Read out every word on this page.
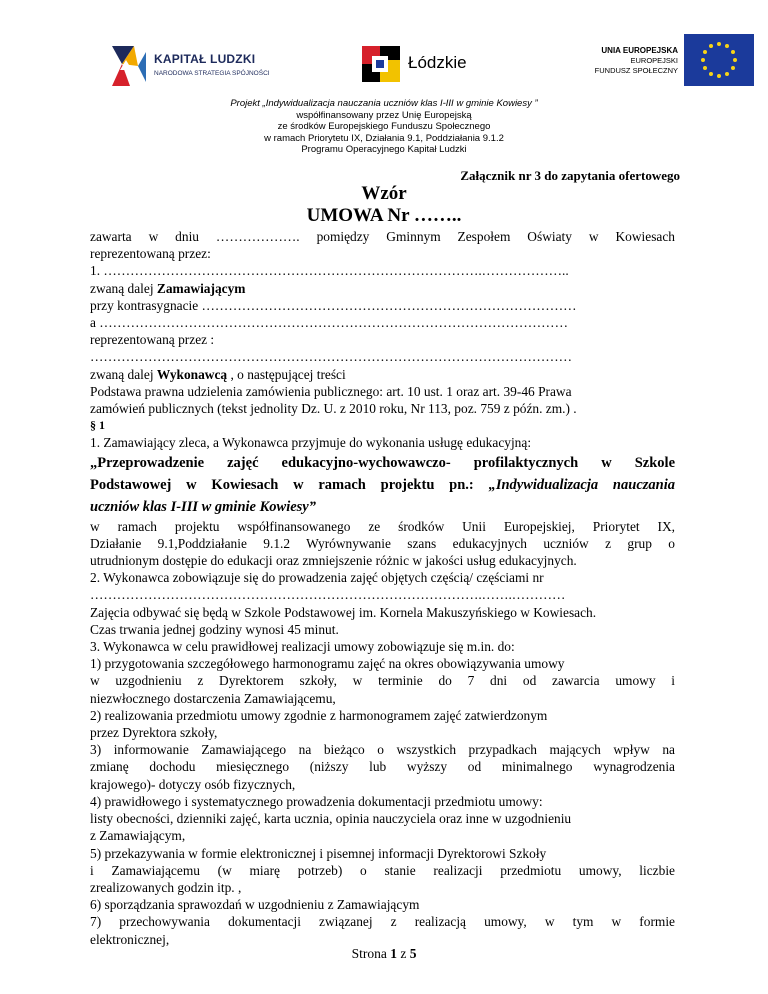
KAPITAŁ LUDZKI
NARODOWA STRATEGIA SPÓJNOŚCI
Łódzkie
UNIA EUROPEJSKA
EUROPEJSKI
FUNDUSZ SPOŁECZNY
Projekt „Indywidualizacja nauczania uczniów klas I-III w gminie Kowiesy ”
współfinansowany przez Unię Europejską
ze środków Europejskiego Funduszu Społecznego
w ramach Priorytetu IX, Działania 9.1, Poddziałania 9.1.2
Programu Operacyjnego Kapitał Ludzki
Załącznik nr 3 do zapytania ofertowego
Wzór
UMOWA Nr ……..
zawarta w dniu ………………. pomiędzy Gminnym Zespołem Oświaty w Kowiesach
reprezentowaną przez:
1. ………………………………………………………………………….………………..
zwaną dalej Zamawiającym
przy kontrasygnacie …………………………………………………………………………
a ……………………………………………………………………………………………
reprezentowaną przez :
………………………………………………………………………………………………
zwaną dalej Wykonawcą , o następującej treści
Podstawa prawna udzielenia zamówienia publicznego: art. 10 ust. 1 oraz art. 39-46 Prawa
zamówień publicznych (tekst jednolity Dz. U. z 2010 roku, Nr 113, poz. 759 z późn. zm.) .
§ 1
1. Zamawiający zleca, a Wykonawca przyjmuje do wykonania usługę edukacyjną:
„Przeprowadzenie zajęć edukacyjno-wychowawczo- profilaktycznych w Szkole
Podstawowej w Kowiesach w ramach projektu pn.: „Indywidualizacja nauczania
uczniów klas I-III w gminie Kowiesy”
w ramach projektu współfinansowanego ze środków Unii Europejskiej, Priorytet IX,
Działanie 9.1,Poddziałanie 9.1.2 Wyrównywanie szans edukacyjnych uczniów z grup o
utrudnionym dostępie do edukacji oraz zmniejszenie różnic w jakości usług edukacyjnych.
2. Wykonawca zobowiązuje się do prowadzenia zajęć objętych częścią/ częściami nr
…………………………………………………………………………….…….…………
Zajęcia odbywać się będą w Szkole Podstawowej im. Kornela Makuszyńskiego w Kowiesach.
Czas trwania jednej godziny wynosi 45 minut.
3. Wykonawca w celu prawidłowej realizacji umowy zobowiązuje się m.in. do:
1) przygotowania szczegółowego harmonogramu zajęć na okres obowiązywania umowy
w uzgodnieniu z Dyrektorem szkoły, w terminie do 7 dni od zawarcia umowy i
niezwłocznego dostarczenia Zamawiającemu,
2) realizowania przedmiotu umowy zgodnie z harmonogramem zajęć zatwierdzonym
przez Dyrektora szkoły,
3) informowanie Zamawiającego na bieżąco o wszystkich przypadkach mających wpływ na
zmianę dochodu miesięcznego (niższy lub wyższy od minimalnego wynagrodzenia
krajowego)- dotyczy osób fizycznych,
4) prawidłowego i systematycznego prowadzenia dokumentacji przedmiotu umowy:
listy obecności, dzienniki zajęć, karta ucznia, opinia nauczyciela oraz inne w uzgodnieniu
z Zamawiającym,
5) przekazywania w formie elektronicznej i pisemnej informacji Dyrektorowi Szkoły
i Zamawiającemu (w miarę potrzeb) o stanie realizacji przedmiotu umowy, liczbie
zrealizowanych godzin itp. ,
6) sporządzania sprawozdań w uzgodnieniu z Zamawiającym
7) przechowywania dokumentacji związanej z realizacją umowy, w tym w formie
elektronicznej,
Strona 1 z 5
